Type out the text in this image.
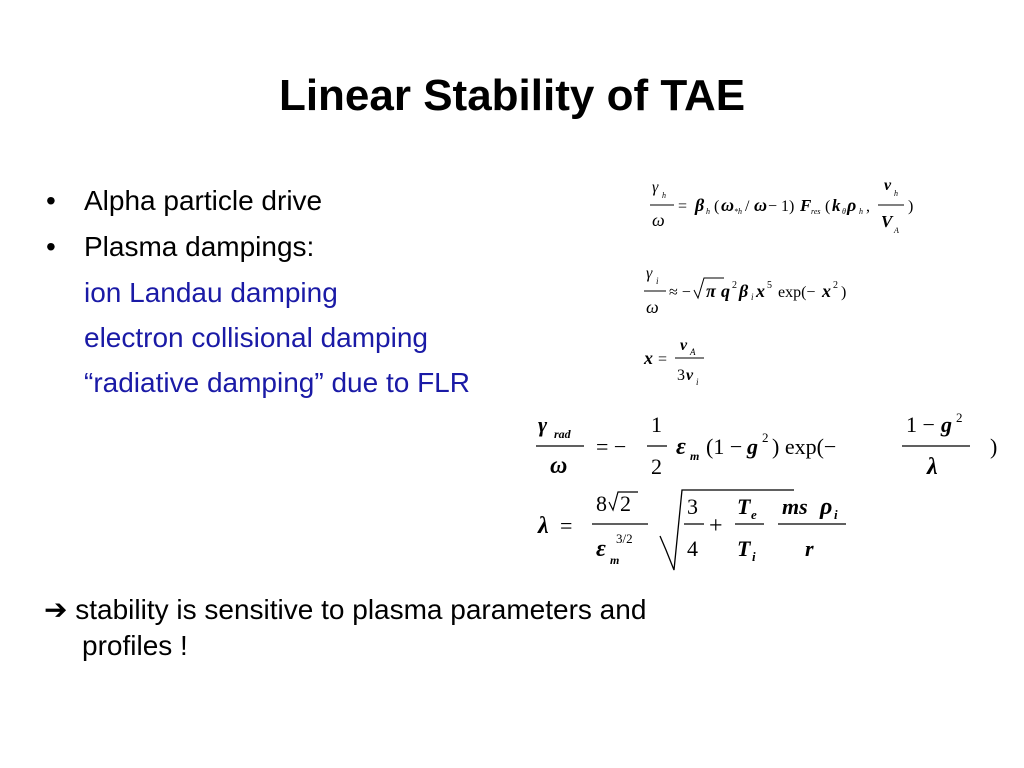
Linear Stability of TAE
• Alpha particle drive
• Plasma dampings:
ion Landau damping
electron collisional damping
“radiative damping” due to FLR
γ h
ω
= β h ( ω *h / ω − 1) F res ( k θ ρ h ,
v h
V A
)
γ i
ω
≈ − π q 2 β i x 5 exp(− x 2 )
x =
v A
3 v i
γ rad
ω
= −
1
2
ε m (1 − g 2 ) exp(−
1 − g 2
λ
)
λ =
8 2
ε m
3/2
3
4
+
T e
T i
ms ρ i
r
➔ stability is sensitive to plasma parameters and
profiles !
